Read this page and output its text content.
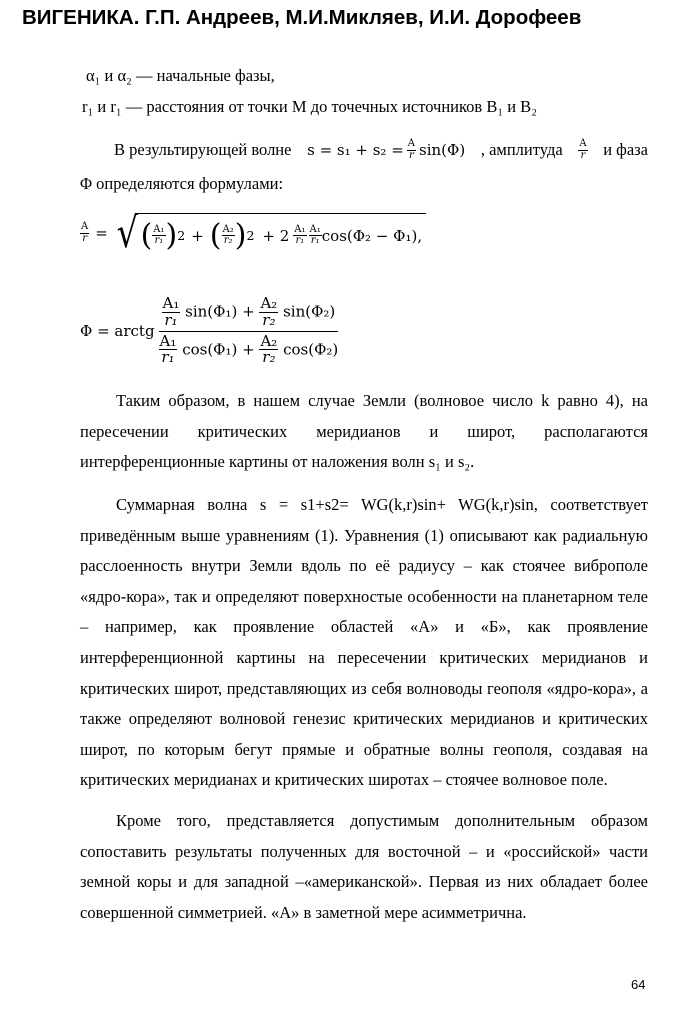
ВИГЕНИКА. Г.П. Андреев, М.И.Микляев, И.И. Дорофеев
α₁ и α₂ — начальные фазы,
r₁ и r₁ — расстояния от точки М до точечных источников В₁ и В₂
В результирующей волне $s = s_1 + s_2 = \frac{A}{r} \sin(\Phi)$ , амплитуда $\frac{A}{r}$ и фаза
Φ определяются формулами:
$\frac{A}{r}$ = √ ( $\frac{\text{A₁}}{\text{r₁}}$ ) 2 + ( $\frac{\text{A₂}}{\text{r₂}}$ ) $2 + 2 \frac{\text{A₁}}{\text{r₁}} \frac{\text{A₁}}{\text{r₁}} \cos(\Phi_2 - \Phi_1)$,
Φ = arctg $\frac{\frac{\text{A₁}}{\text{r₁}} \sin(\Phi_1) + \frac{\text{A₂}}{\text{r₂}} \sin(\Phi_2)}{\frac{\text{A₁}}{\text{r₁}} \cos(\Phi_1) + \frac{\text{A₂}}{\text{r₂}} \cos(\Phi_2)}$
Таким образом, в нашем случае Земли (волновое число k равно 4), на пересечении критических меридианов и широт, располагаются интерференционные картины от наложения волн s₁ и s₂.
Суммарная волна s = s1+s2= WG(k,r)sin+ WG(k,r)sin, соответствует приведённым выше уравнениям (1). Уравнения (1) описывают как радиальную расслоенность внутри Земли вдоль по её радиусу – как стоячее виброполе «ядро-кора», так и определяют поверхностые особенности на планетарном теле – например, как проявление областей «А» и «Б», как проявление интерференционной картины на пересечении критических меридианов и критических широт, представляющих из себя волноводы геополя «ядро-кора», а также определяют волновой генезис критических меридианов и критических широт, по которым бегут прямые и обратные волны геополя, создавая на критических меридианах и критических широтах – стоячее волновое поле.
Кроме того, представляется допустимым дополнительным образом сопоставить результаты полученных для восточной – и «российской» части земной коры и для западной –«американской». Первая из них обладает более совершенной симметрией. «А» в заметной мере асимметрична.
64
